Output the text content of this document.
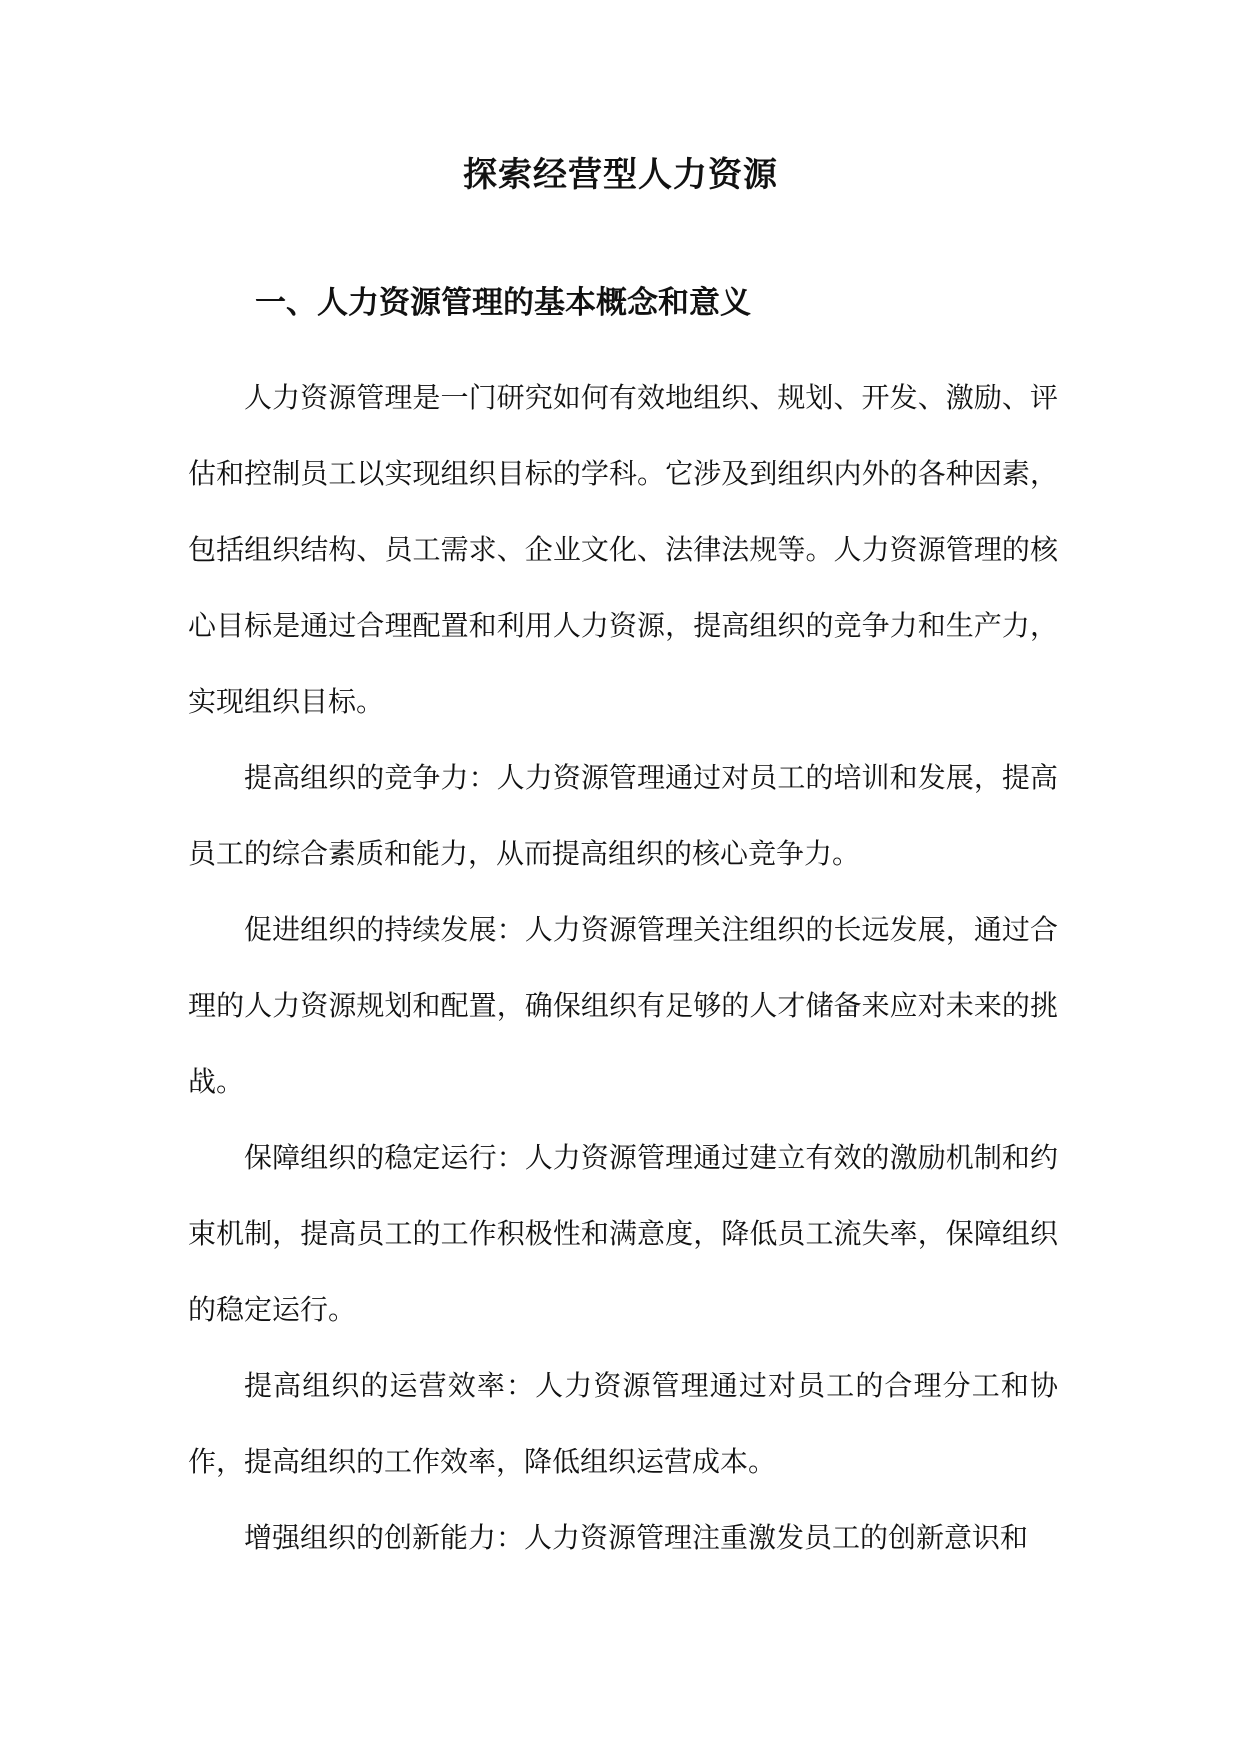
探索经营型人力资源
一、人力资源管理的基本概念和意义

人力资源管理是一门研究如何有效地组织、规划、开发、激励、评估和控制员工以实现组织目标的学科。它涉及到组织内外的各种因素，包括组织结构、员工需求、企业文化、法律法规等。人力资源管理的核心目标是通过合理配置和利用人力资源，提高组织的竞争力和生产力，实现组织目标。

提高组织的竞争力：人力资源管理通过对员工的培训和发展，提高员工的综合素质和能力，从而提高组织的核心竞争力。

促进组织的持续发展：人力资源管理关注组织的长远发展，通过合理的人力资源规划和配置，确保组织有足够的人才储备来应对未来的挑战。

保障组织的稳定运行：人力资源管理通过建立有效的激励机制和约束机制，提高员工的工作积极性和满意度，降低员工流失率，保障组织的稳定运行。

提高组织的运营效率：人力资源管理通过对员工的合理分工和协作，提高组织的工作效率，降低组织运营成本。

增强组织的创新能力：人力资源管理注重激发员工的创新意识和
